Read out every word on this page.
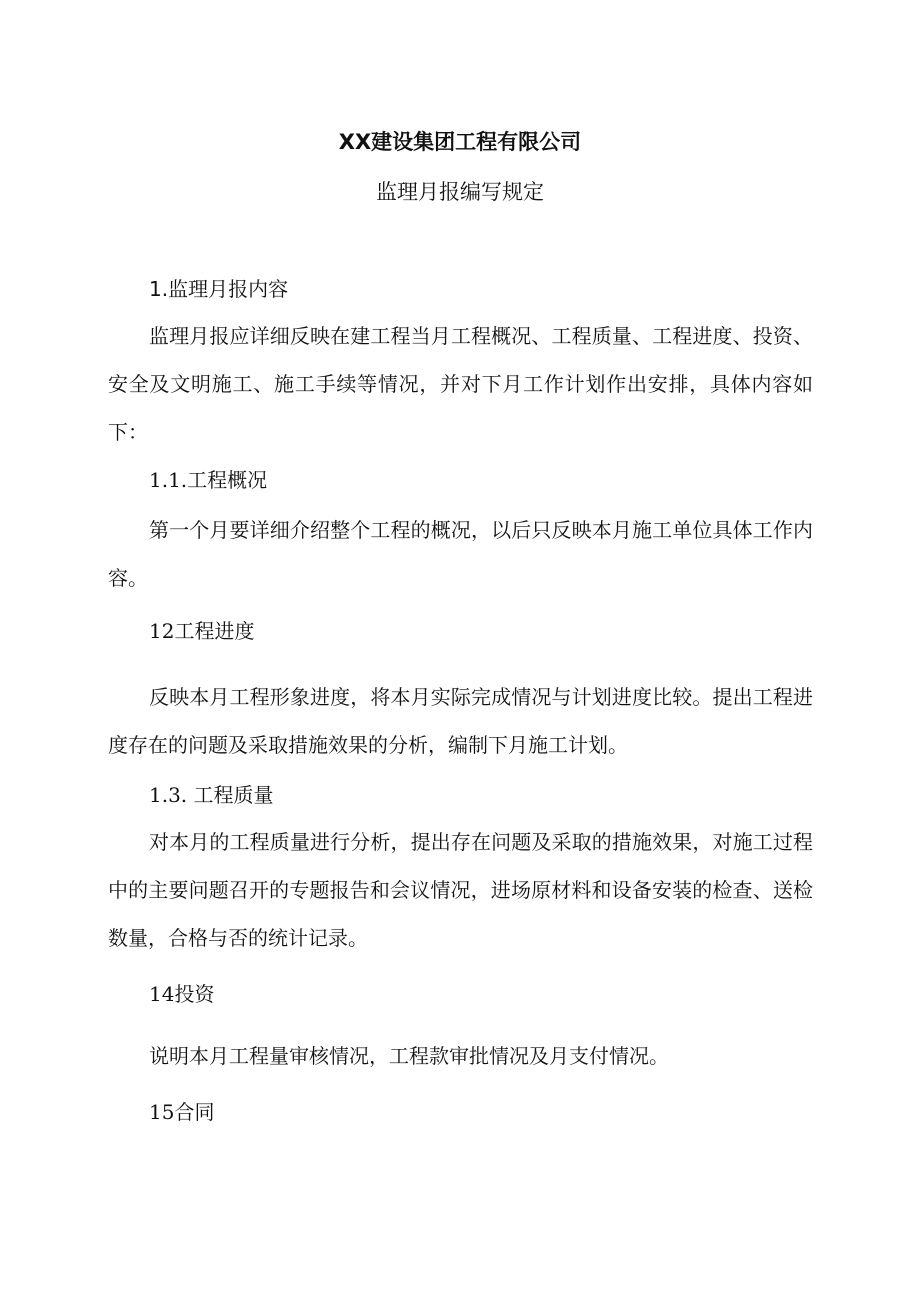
XX建设集团工程有限公司
监理月报编写规定
1.监理月报内容
监理月报应详细反映在建工程当月工程概况、工程质量、工程进度、投资、安全及文明施工、施工手续等情况，并对下月工作计划作出安排，具体内容如下：
1.1.工程概况
第一个月要详细介绍整个工程的概况，以后只反映本月施工单位具体工作内容。
12工程进度
反映本月工程形象进度，将本月实际完成情况与计划进度比较。提出工程进度存在的问题及采取措施效果的分析，编制下月施工计划。
1.3. 工程质量
对本月的工程质量进行分析，提出存在问题及采取的措施效果，对施工过程中的主要问题召开的专题报告和会议情况，进场原材料和设备安装的检查、送检数量，合格与否的统计记录。
14投资
说明本月工程量审核情况，工程款审批情况及月支付情况。
15合同
